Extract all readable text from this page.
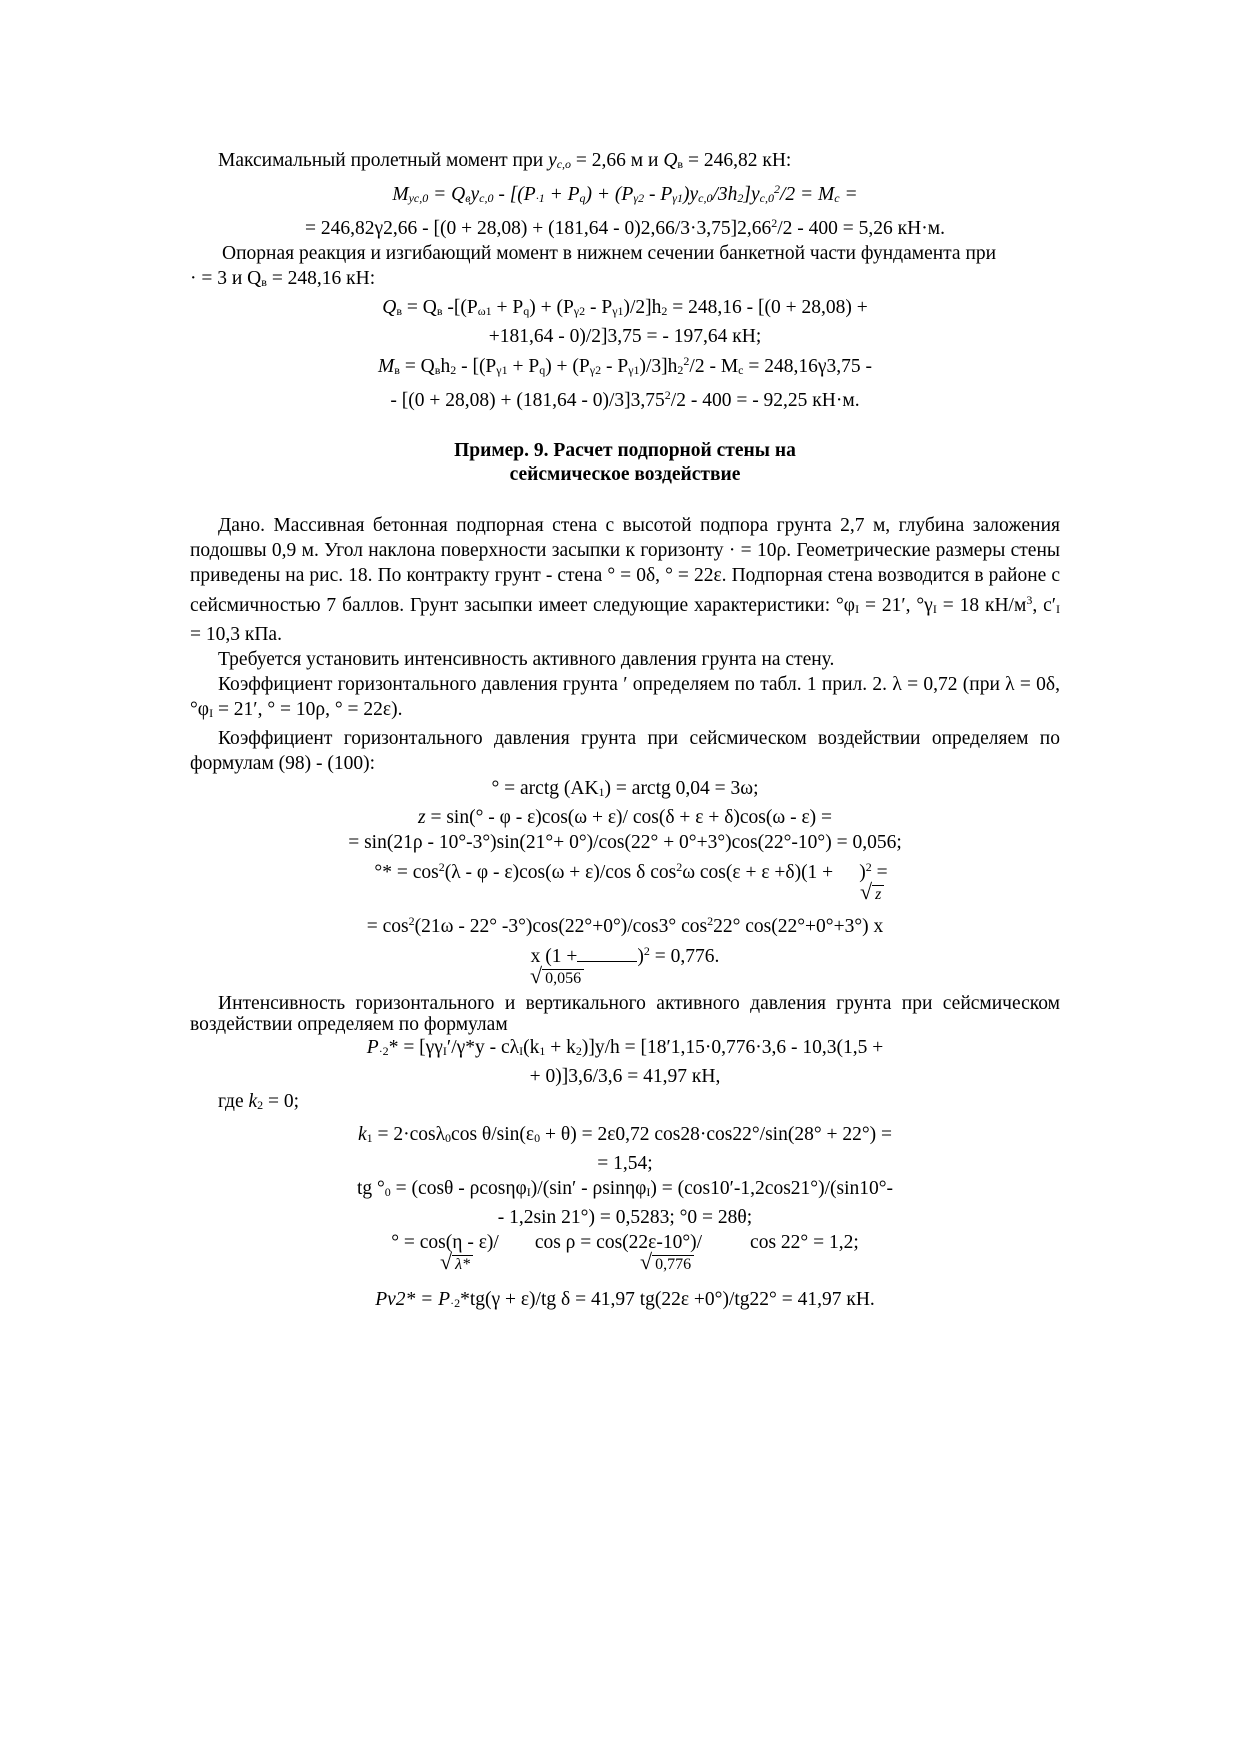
Максимальный пролетный момент при yc,o = 2,66 м и Qв = 246,82 кН:

Myc,0 = Qвyc,0 - $[(P\cdot 1 + Pq) + (P\gamma 2 - P\gamma 1)yc,0/3h2]yc,0^2/2 = Mc$ =

= $246,82\gamma 2,66 - [(0 + 28,08) + (181,64 - 0)2,66/3\cdot 3,75]2,66^2/2 - 400 = 5,26$ кН·м.

Опорная реакция и изгибающий момент в нижнем сечении банкетной части фундамента при

· = 3 и Qв = 248,16 кН:

Qв = Qв -[(Pω1 + Pq) + (Pγ2 - Pγ1)/2]h2 = 248,16 - [(0 + 28,08) +

+181,64 - 0)/2]3,75 = - 197,64 кН;

Mв = $Qвh2 - [(P\gamma 1 + Pq) + (P\gamma 2 - P\gamma 1)/3]h2^2/2 - Mc = 248,16\gamma 3,75$ -

- [(0 + 28,08) + (181,64 - 0)/3]3,75$^2$/2 - 400 = - 92,25 кН·м.

Пример. 9. Расчет подпорной стены на
сейсмическое воздействие

Дано. Массивная бетонная подпорная стена с высотой подпора грунта 2,7 м, глубина заложения подошвы 0,9 м. Угол наклона поверхности засыпки к горизонту · = 10ρ. Геометрические размеры стены приведены на рис. 18. По контракту грунт - стена ° = 0δ, ° = 22ε. Подпорная стена возводится в районе с сейсмичностью 7 баллов. Грунт засыпки имеет следующие характеристики: °φI = 21′, °γI = 18 $кН/м^3$, c′I = 10,3 кПа.

Требуется установить интенсивность активного давления грунта на стену.

Коэффициент горизонтального давления грунта ′ определяем по табл. 1 прил. 2. λ = 0,72 (при λ = 0δ, °φI = 21′, ° = 10ρ, ° = 22ε).

Коэффициент горизонтального давления грунта при сейсмическом воздействии определяем по формулам (98) - (100):

° = arctg (AK1) = arctg 0,04 = 3ω;

z = sin(° - φ - ε)cos(ω + ε)/ cos(δ + ε + δ)cos(ω - ε) =

= sin(21ρ - 10°-3°)sin(21°+ 0°)/cos(22° + 0°+3°)cos(22°-10°) = 0,056;

°* = $\cos^2(\lambda - \varphi - \varepsilon)\cos(\omega + \varepsilon)/\cos$ δ $\cos^2\omega$ $\cos(\varepsilon + \varepsilon +\delta)(1 + )^2$ =

√ z

= $\cos^2(21\omega - 22^\circ$ -3°)cos(22°+0°)/cos3° $\cos^222^\circ$ cos(22°+0°+3°) x

x (1 +	)$^2$ = 0,776.

√ 0,056

Интенсивность горизонтального и вертикального активного давления грунта при сейсмическом воздействии определяем по формулам

P·2* = [γγI′/γ*y - cλI(k1 + k2)]y/h = [18′1,15·0,776·3,6 - 10,3(1,5 +

+ 0)]3,6/3,6 = 41,97 кН,

где k2 = 0;

k1 = 2·cosλ0cos θ/sin(ε0 + θ) = 2ε0,72 cos28·cos22°/sin(28° + 22°) =

= 1,54;

tg °0 = (cosθ - ρcosηφI)/(sin′ - ρsinηφI) = (cos10′-1,2cos21°)/(sin10°-

- 1,2sin 21°) = 0,5283; °0 = 28θ;

° = cos(η - ε)/ cos ρ = cos(22ε-10°)/ cos 22° = 1,2;

√ λ*	√ 0,776

Pv2* = P·2*tg(γ + ε)/tg δ = 41,97 tg(22ε +0°)/tg22° = 41,97 кН.
